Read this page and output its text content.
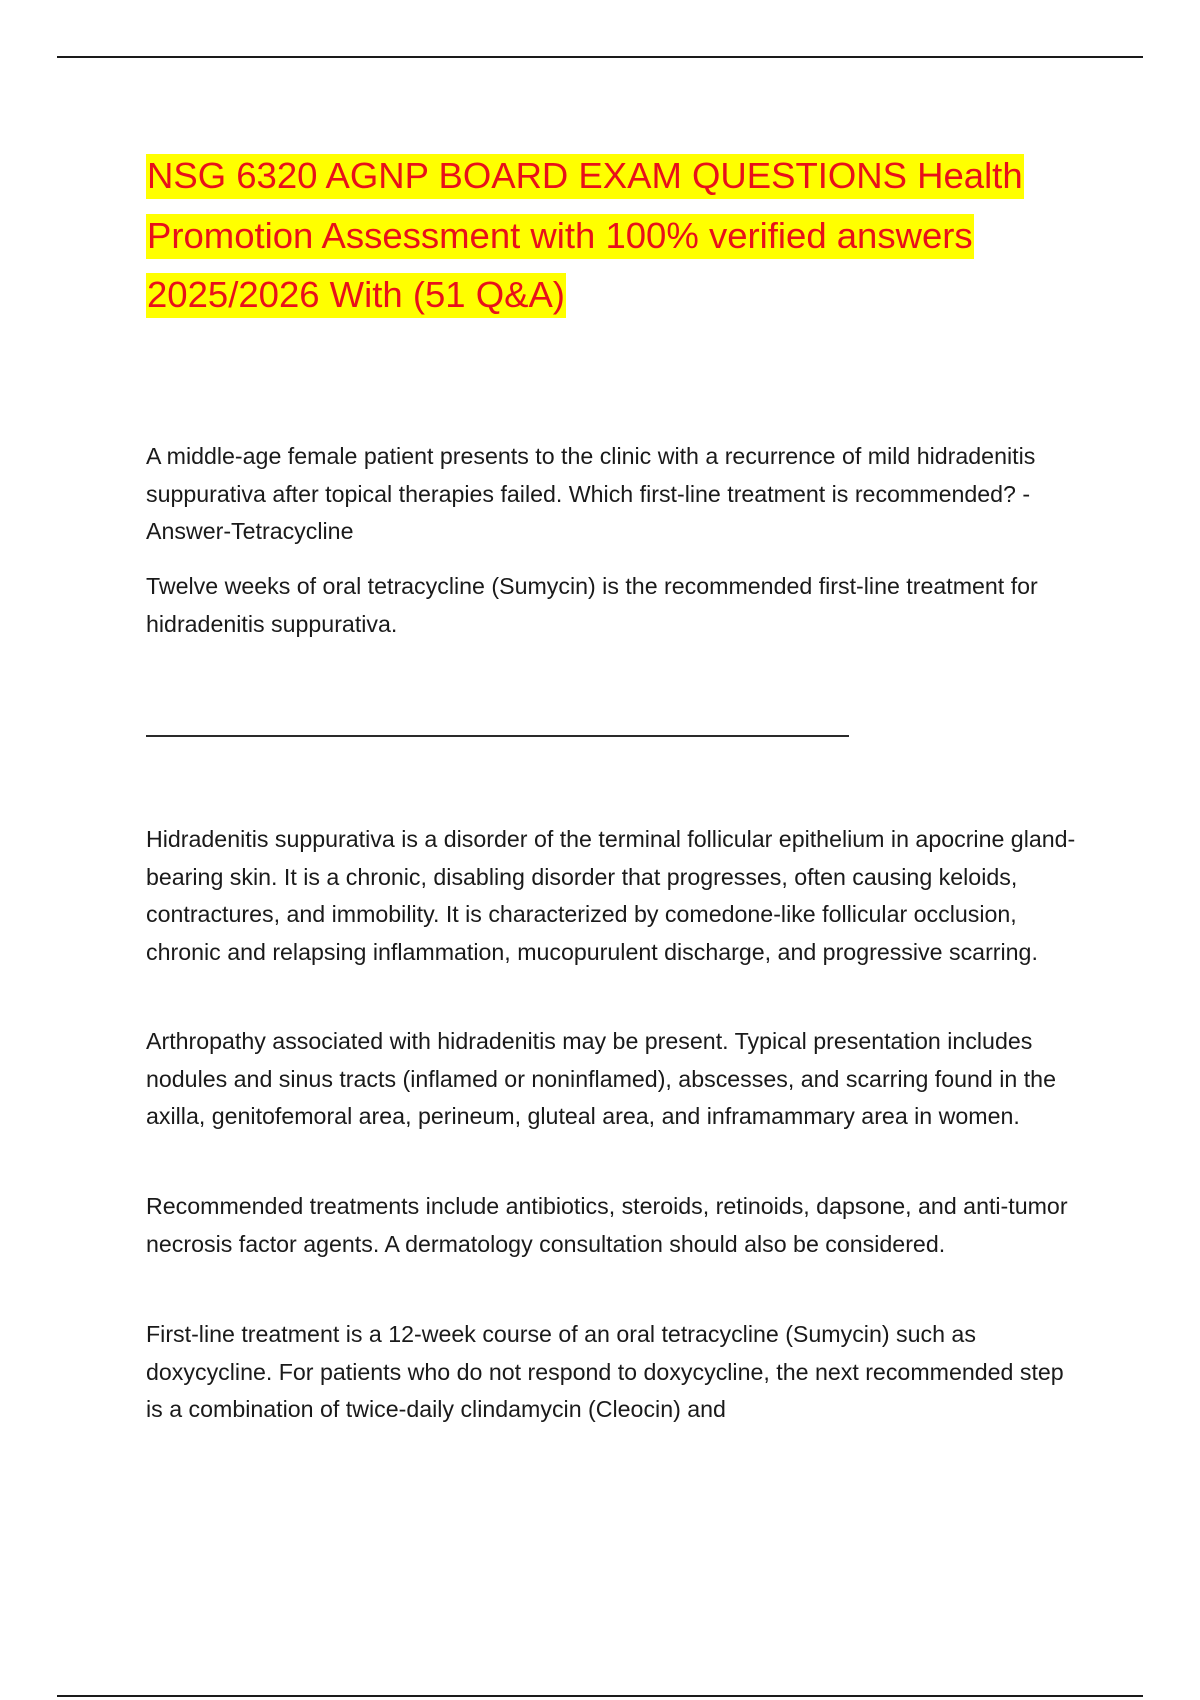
NSG 6320 AGNP BOARD EXAM QUESTIONS Health Promotion Assessment with 100% verified answers 2025/2026 With (51 Q&A)

A middle-age female patient presents to the clinic with a recurrence of mild hidradenitis suppurativa after topical therapies failed. Which first-line treatment is recommended? - Answer-Tetracycline

Twelve weeks of oral tetracycline (Sumycin) is the recommended first-line treatment for hidradenitis suppurativa.

Hidradenitis suppurativa is a disorder of the terminal follicular epithelium in apocrine gland-bearing skin. It is a chronic, disabling disorder that progresses, often causing keloids, contractures, and immobility. It is characterized by comedone-like follicular occlusion, chronic and relapsing inflammation, mucopurulent discharge, and progressive scarring.

Arthropathy associated with hidradenitis may be present. Typical presentation includes nodules and sinus tracts (inflamed or noninflamed), abscesses, and scarring found in the axilla, genitofemoral area, perineum, gluteal area, and inframammary area in women.

Recommended treatments include antibiotics, steroids, retinoids, dapsone, and anti-tumor necrosis factor agents. A dermatology consultation should also be considered.

First-line treatment is a 12-week course of an oral tetracycline (Sumycin) such as doxycycline. For patients who do not respond to doxycycline, the next recommended step is a combination of twice-daily clindamycin (Cleocin) and
